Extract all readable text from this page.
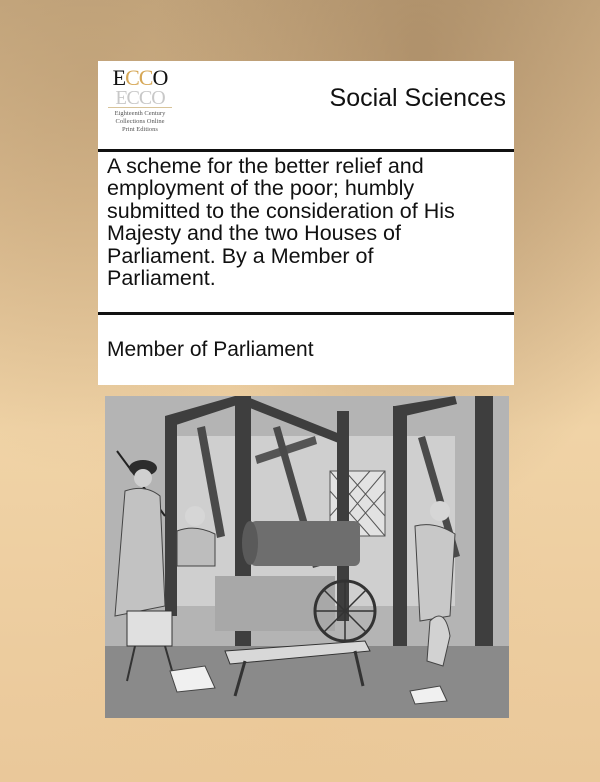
ECCO
ECCO
Eighteenth Century
Collections Online
Print Editions
Social Sciences
A scheme for the better relief and
employment of the poor; humbly
submitted to the consideration of His
Majesty and the two Houses of
Parliament. By a Member of
Parliament.
Member of Parliament
